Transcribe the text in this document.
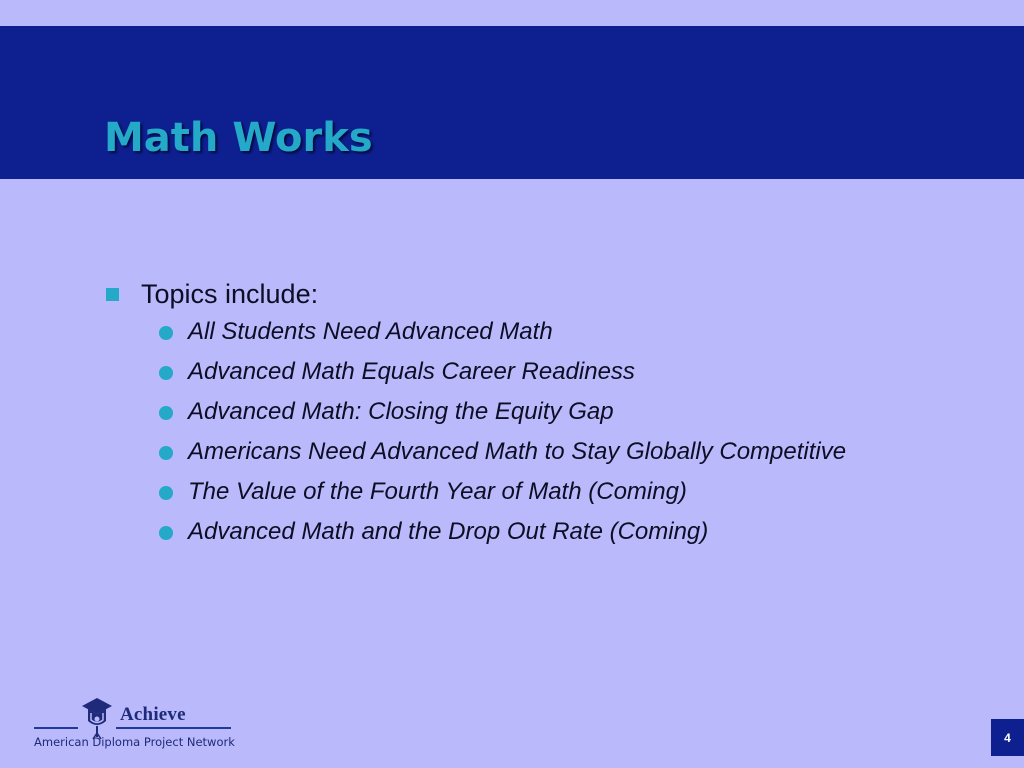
Math Works
Topics include:
All Students Need Advanced Math
Advanced Math Equals Career Readiness
Advanced Math: Closing the Equity Gap
Americans Need Advanced Math to Stay Globally Competitive
The Value of the Fourth Year of Math (Coming)
Advanced Math and the Drop Out Rate (Coming)
Achieve
American Diploma Project Network	4
